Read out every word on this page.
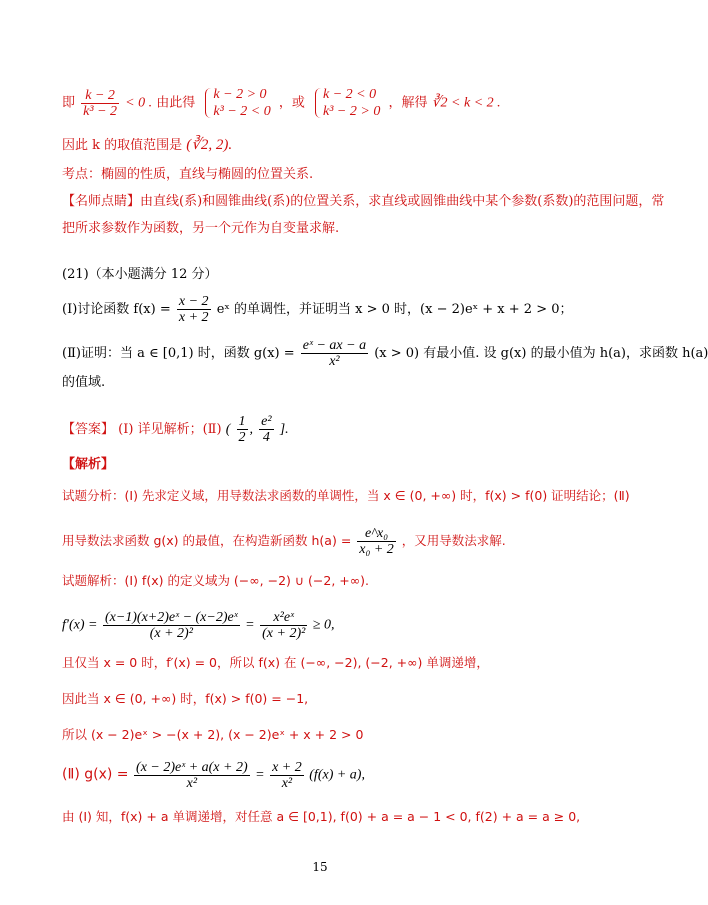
即 $\frac{k - 2}{\text{k³ − 2}} < 0$ . 由此得
k − 2 > 0
k³ − 2 < 0
，或
k − 2 < 0
k³ − 2 > 0
，解得 ∛2 < k < 2 .
因此 k 的取值范围是 (∛2, 2).
考点：椭圆的性质，直线与椭圆的位置关系.
【名师点睛】由直线(系)和圆锥曲线(系)的位置关系，求直线或圆锥曲线中某个参数(系数)的范围问题，常
把所求参数作为函数，另一个元作为自变量求解.
(21)（本小题满分 12 分）
(Ⅰ)讨论函数 $f(x) = \frac{x - 2}{x + 2}$ eˣ 的单调性，并证明当 x > 0 时，(x − 2)eˣ + x + 2 > 0；
(Ⅱ)证明：当 a ∈ [0,1) 时，函数 $g(x) = \frac{\text{eˣ − ax − a}}{\text{x²}} (x > 0)$ 有最小值. 设 g(x) 的最小值为 h(a)，求函数 h(a)
的值域.
【答案】 (Ⅰ) 详见解析；(Ⅱ) ( $\frac{1}{2}$ , $\frac{\text{e²}}{4}$ ].
【解析】
试题分析：(Ⅰ) 先求定义域，用导数法求函数的单调性，当 x ∈ (0, +∞) 时，f(x) > f(0) 证明结论；(Ⅱ)
用导数法求函数 g(x) 的最值，在构造新函数 $h(a) = \frac{\text{e\textasciicircum{}x₀}}{\text{x₀ + 2}}$ ，又用导数法求解.
试题解析：(Ⅰ) f(x) 的定义域为 (−∞, −2) ∪ (−2, +∞).
$f'(x) = \frac{\text{(x−1)(x+2)eˣ − (x−2)eˣ}}{\text{(x + 2)²}} = \frac{\text{x²eˣ}}{\text{(x + 2)²}} \ge 0$,
且仅当 x = 0 时，f′(x) = 0，所以 f(x) 在 (−∞, −2), (−2, +∞) 单调递增，
因此当 x ∈ (0, +∞) 时，f(x) > f(0) = −1,
所以 (x − 2)eˣ > −(x + 2), (x − 2)eˣ + x + 2 > 0
(Ⅱ) $g(x) = \frac{\text{(x − 2)eˣ + a(x + 2)}}{\text{x²}} = \frac{x + 2}{\text{x²}} (f(x) + a)$,
由 (Ⅰ) 知，f(x) + a 单调递增，对任意 a ∈ [0,1), f(0) + a = a − 1 < 0, f(2) + a = a ≥ 0,
15
